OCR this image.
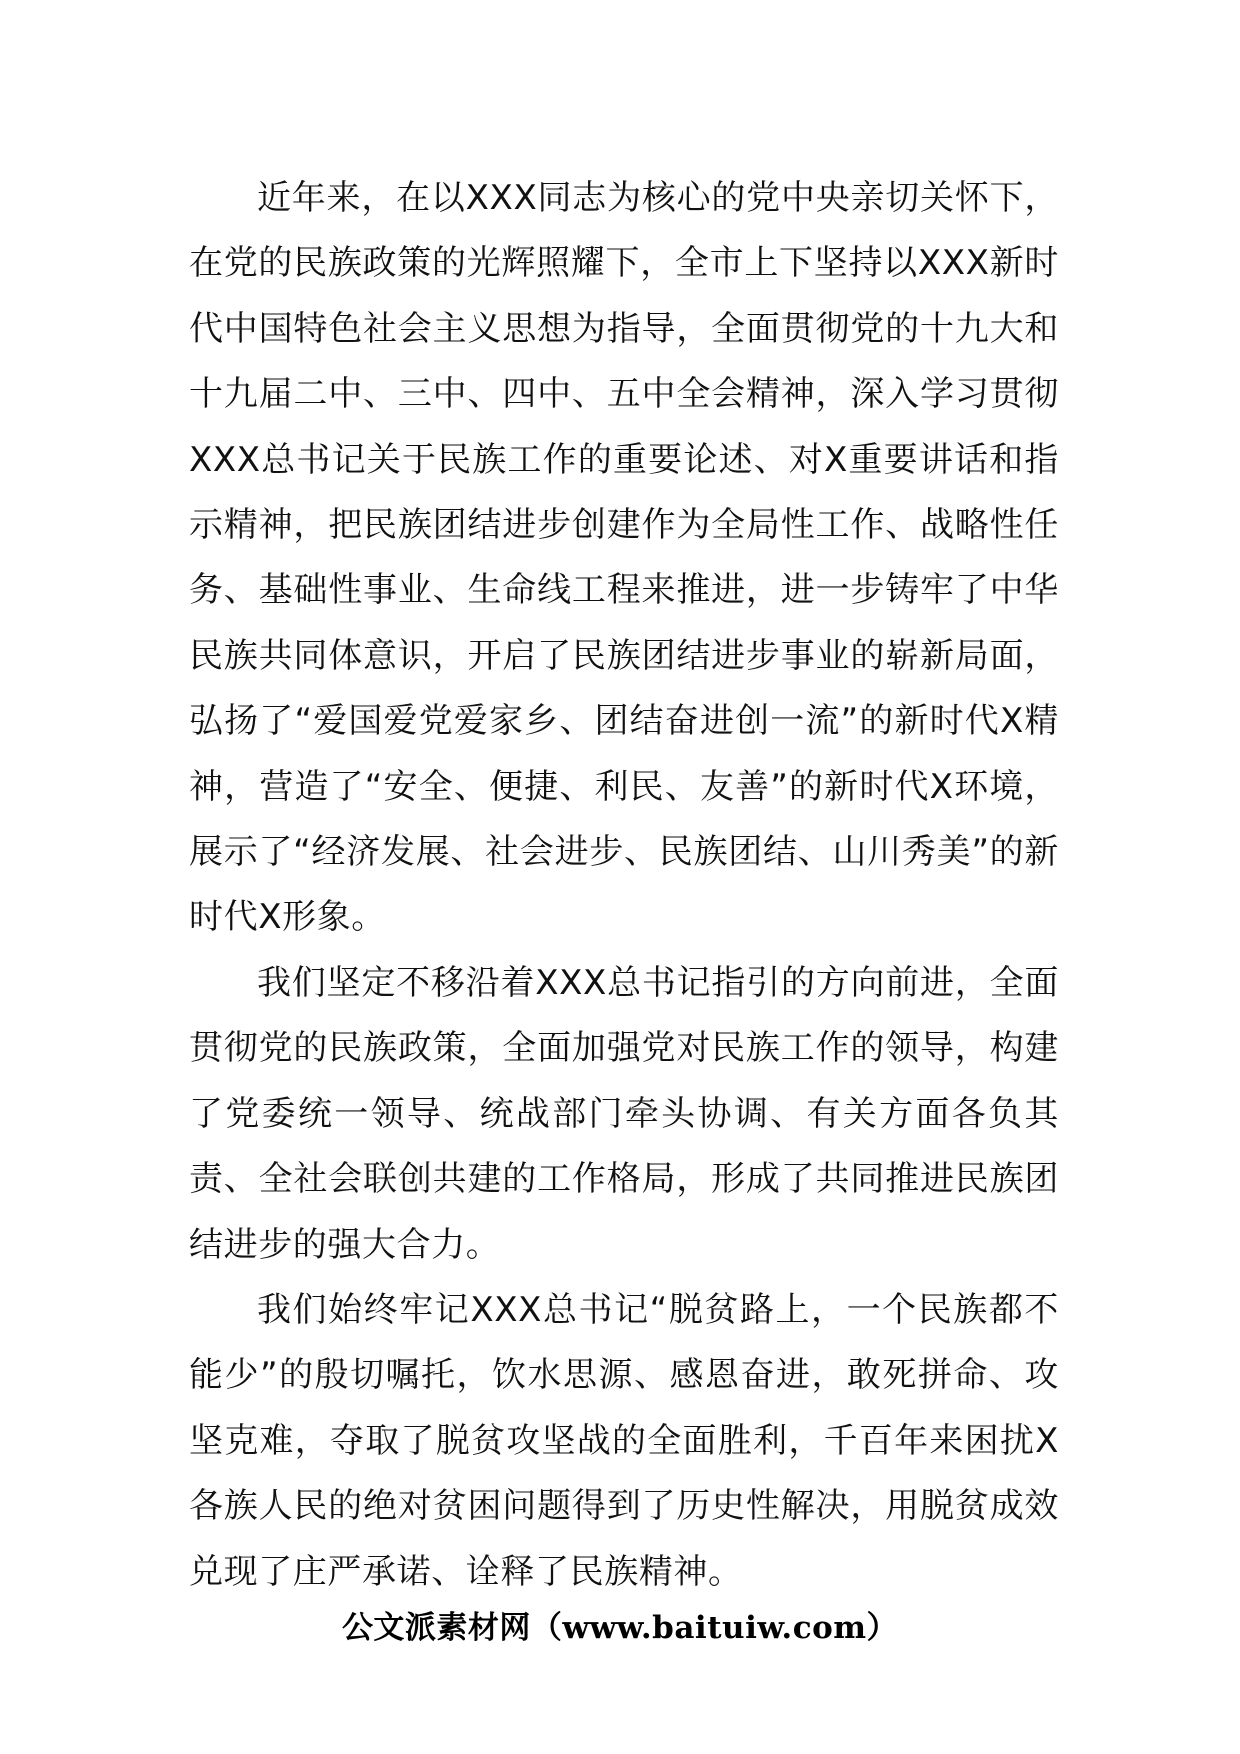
近年来，在以XXX同志为核心的党中央亲切关怀下，在党的民族政策的光辉照耀下，全市上下坚持以XXX新时代中国特色社会主义思想为指导，全面贯彻党的十九大和十九届二中、三中、四中、五中全会精神，深入学习贯彻XXX总书记关于民族工作的重要论述、对X重要讲话和指示精神，把民族团结进步创建作为全局性工作、战略性任务、基础性事业、生命线工程来推进，进一步铸牢了中华民族共同体意识，开启了民族团结进步事业的崭新局面，弘扬了“爱国爱党爱家乡、团结奋进创一流”的新时代X精神，营造了“安全、便捷、利民、友善”的新时代X环境，展示了“经济发展、社会进步、民族团结、山川秀美”的新时代X形象。

我们坚定不移沿着XXX总书记指引的方向前进，全面贯彻党的民族政策，全面加强党对民族工作的领导，构建了党委统一领导、统战部门牵头协调、有关方面各负其责、全社会联创共建的工作格局，形成了共同推进民族团结进步的强大合力。

我们始终牢记XXX总书记“脱贫路上，一个民族都不能少”的殷切嘱托，饮水思源、感恩奋进，敢死拼命、攻坚克难，夺取了脱贫攻坚战的全面胜利，千百年来困扰X各族人民的绝对贫困问题得到了历史性解决，用脱贫成效兑现了庄严承诺、诠释了民族精神。

公文派素材网（www.baituiw.com）
